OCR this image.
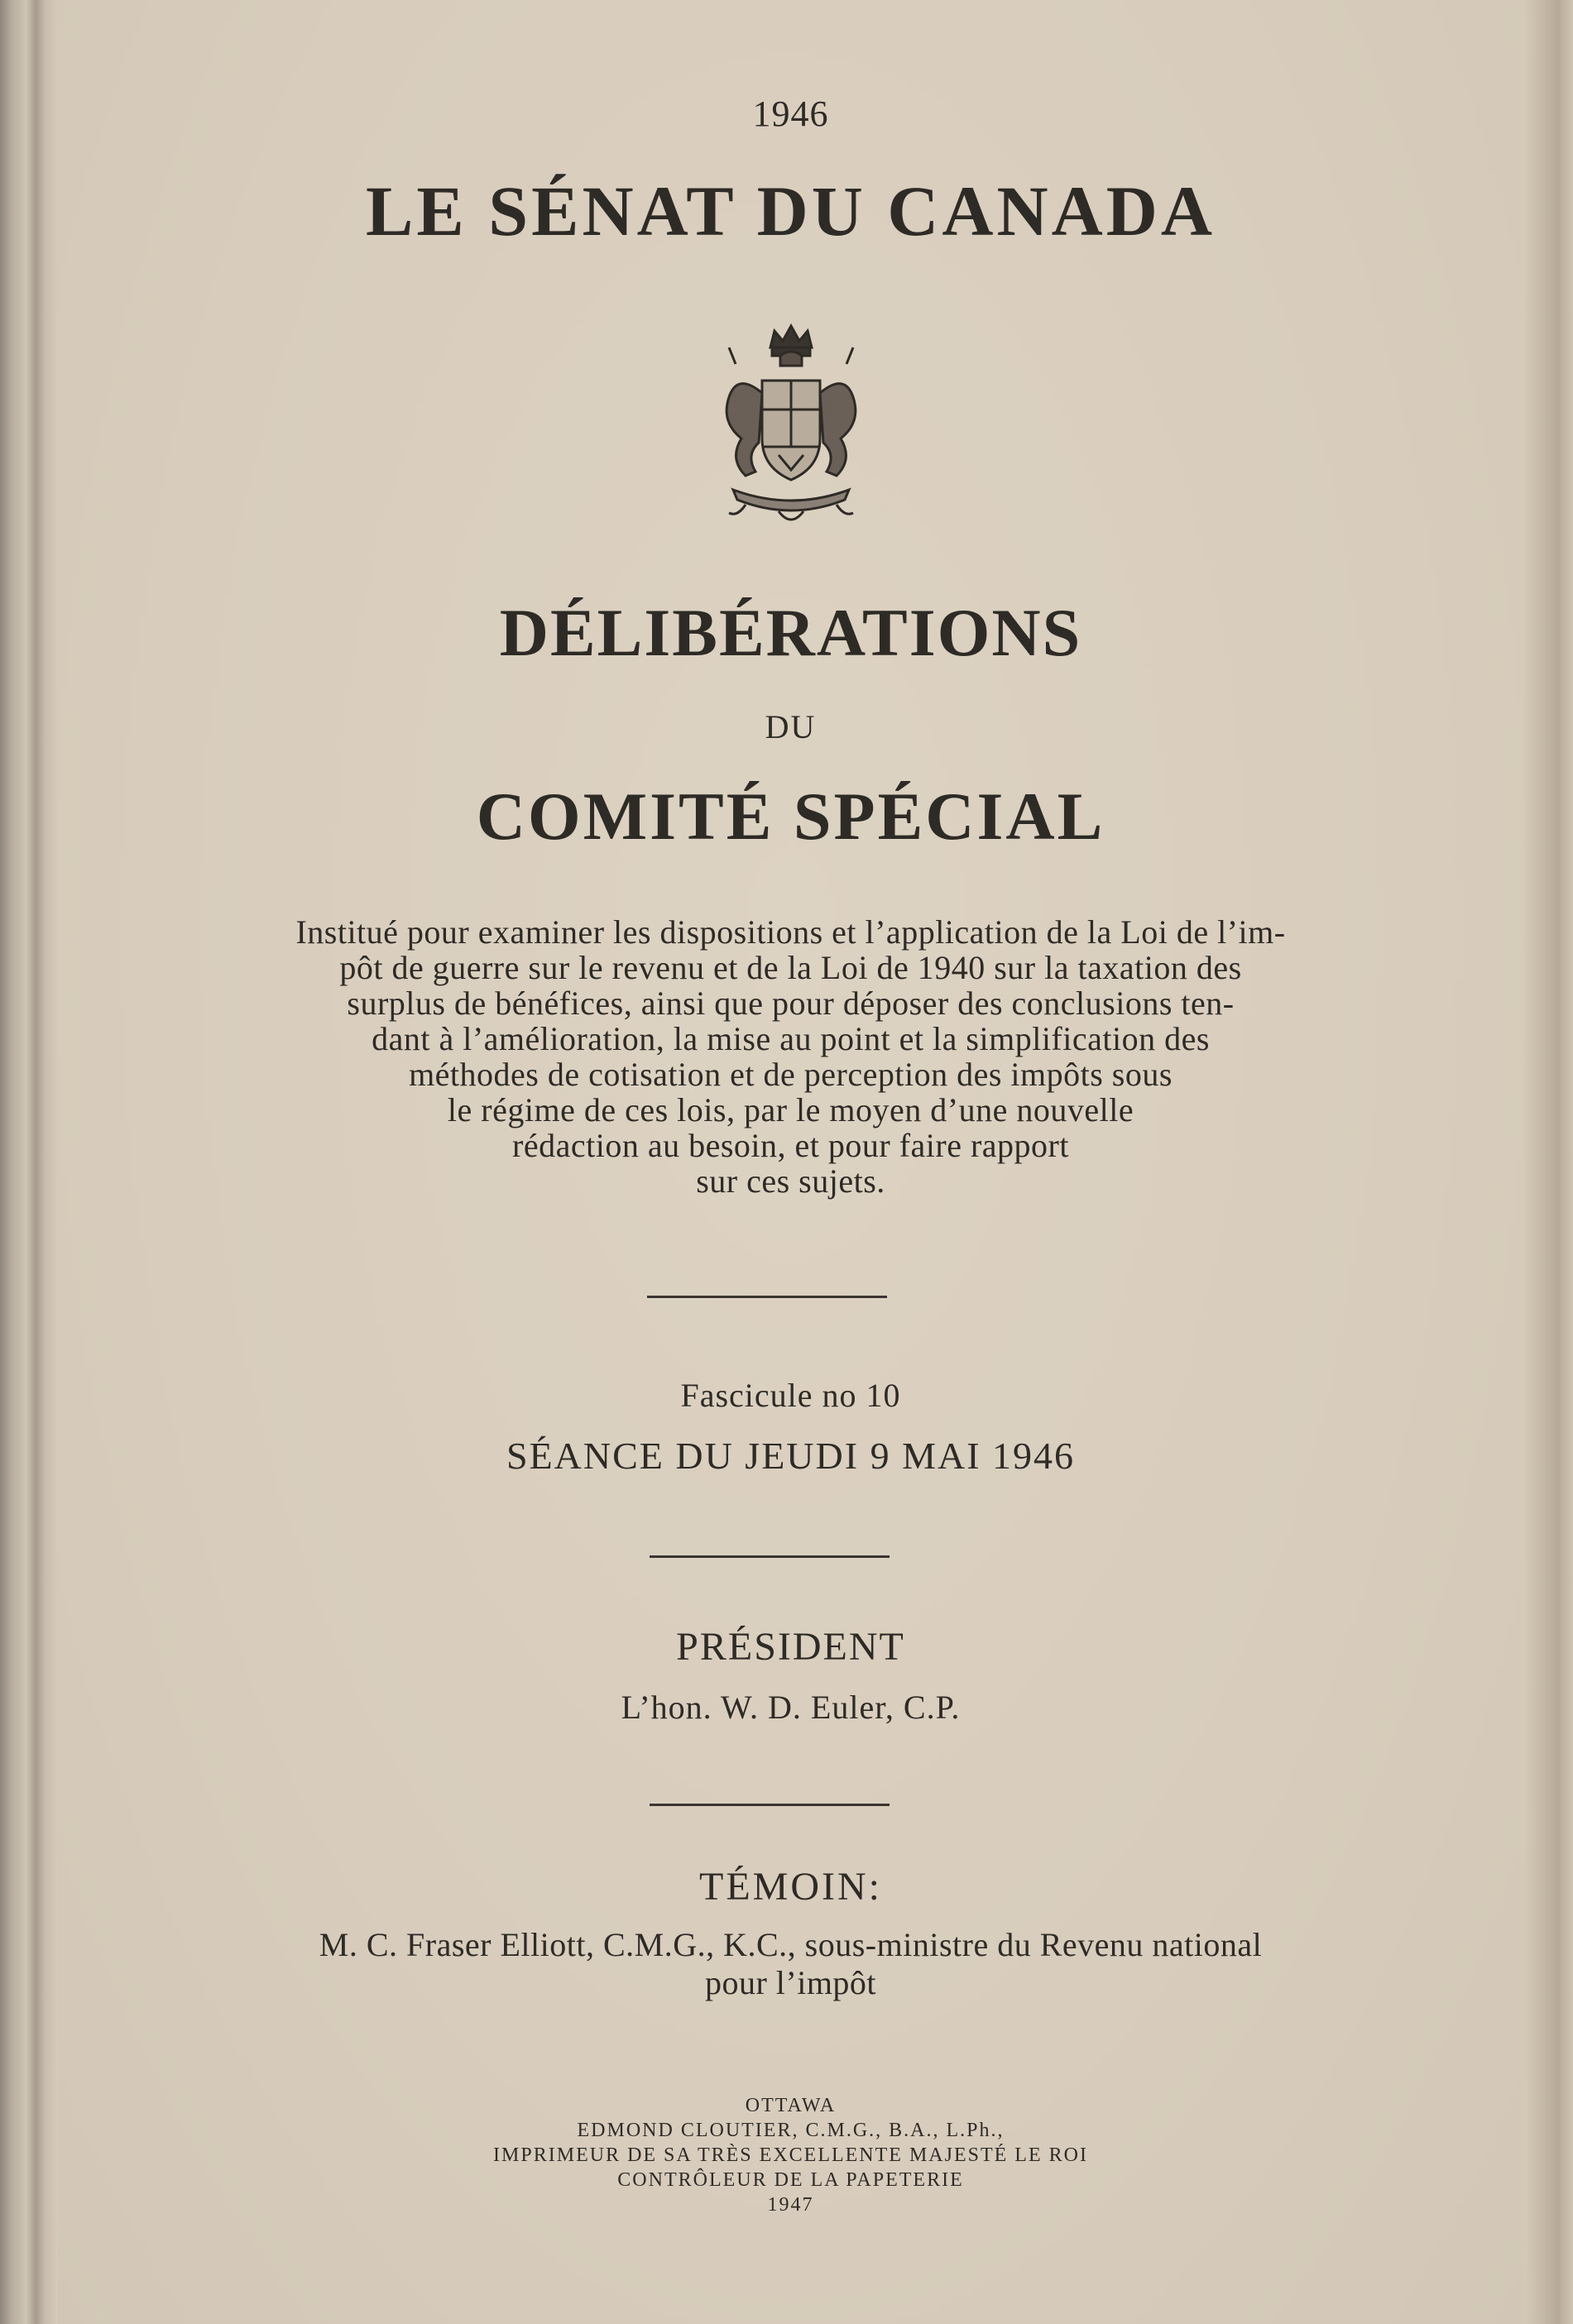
1946
LE SÉNAT DU CANADA
DÉLIBÉRATIONS
DU
COMITÉ SPÉCIAL
Institué pour examiner les dispositions et l’application de la Loi de l’im-
pôt de guerre sur le revenu et de la Loi de 1940 sur la taxation des
surplus de bénéfices, ainsi que pour déposer des conclusions ten-
dant à l’amélioration, la mise au point et la simplification des
méthodes de cotisation et de perception des impôts sous
le régime de ces lois, par le moyen d’une nouvelle
rédaction au besoin, et pour faire rapport
sur ces sujets.
Fascicule no 10
SÉANCE DU JEUDI 9 MAI 1946
PRÉSIDENT
L’hon. W. D. Euler, C.P.
TÉMOIN:
M. C. Fraser Elliott, C.M.G., K.C., sous-ministre du Revenu national
pour l’impôt
OTTAWA
EDMOND CLOUTIER, C.M.G., B.A., L.Ph.,
IMPRIMEUR DE SA TRÈS EXCELLENTE MAJESTÉ LE ROI
CONTRÔLEUR DE LA PAPETERIE
1947
